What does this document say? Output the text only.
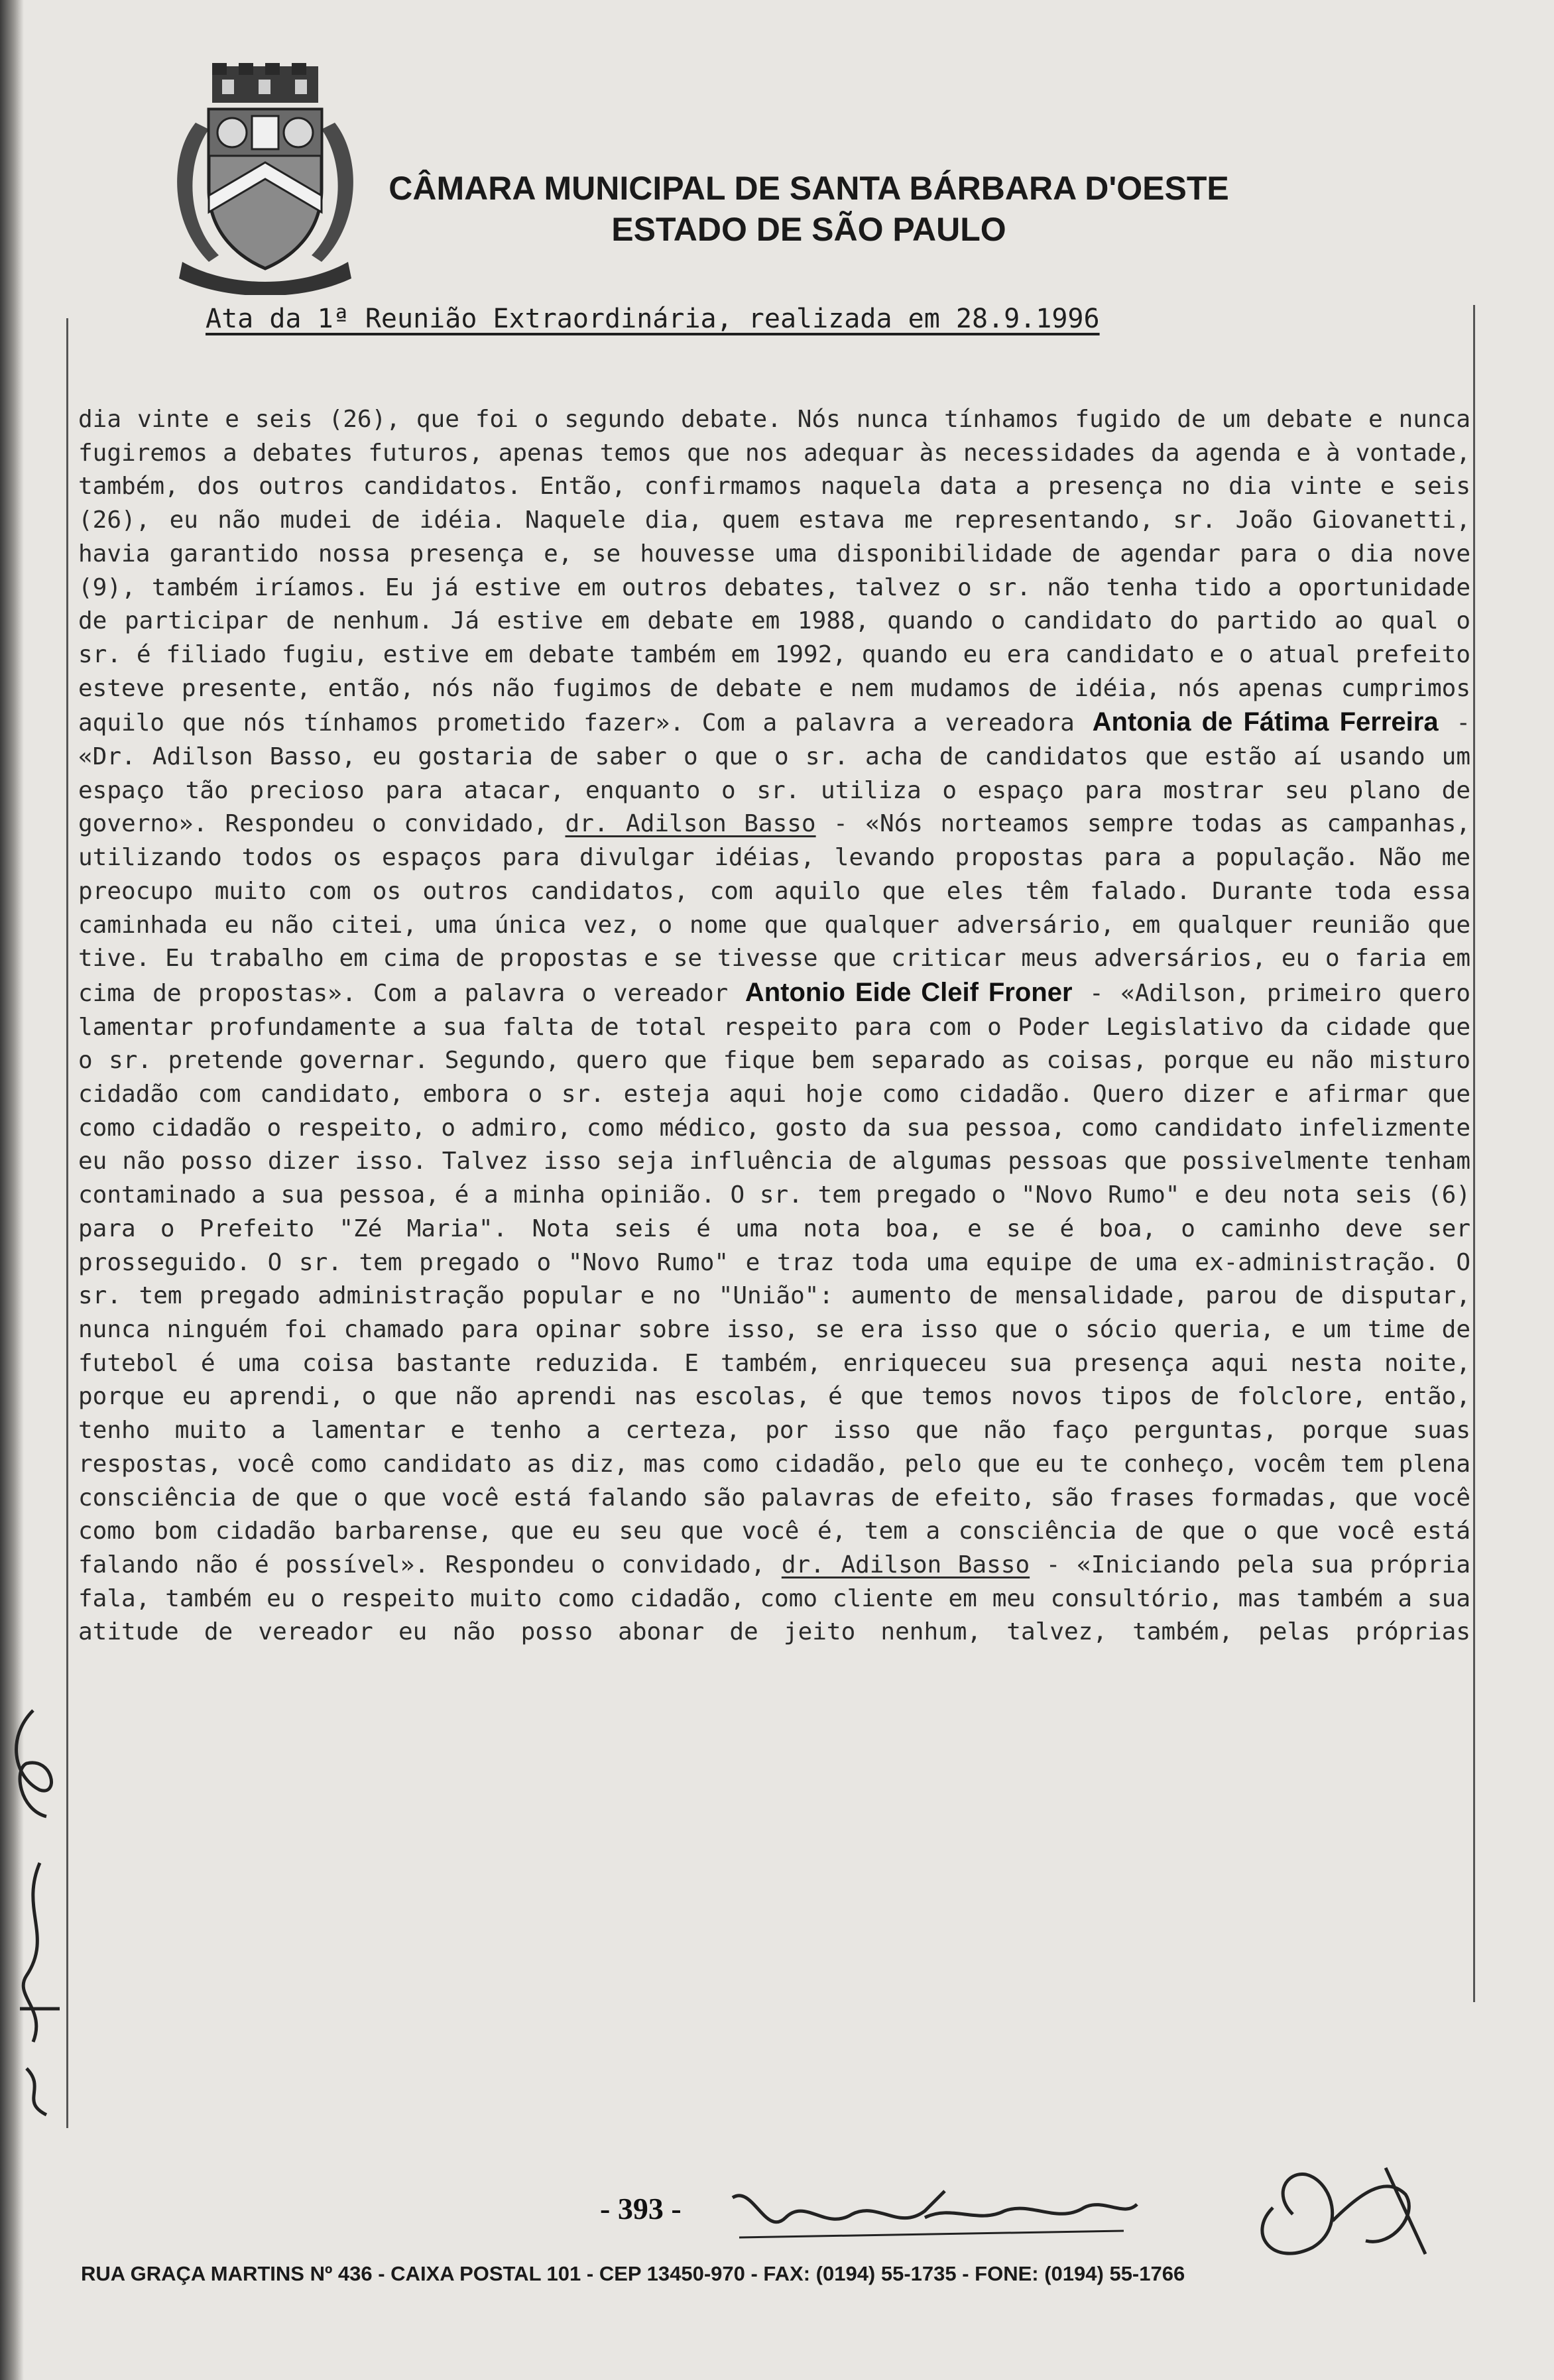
CÂMARA MUNICIPAL DE SANTA BÁRBARA D'OESTE
ESTADO DE SÃO PAULO
Ata da 1ª Reunião Extraordinária, realizada em 28.9.1996

dia vinte e seis (26), que foi o segundo debate. Nós nunca tínhamos fugido de um debate e nunca fugiremos a debates futuros, apenas temos que nos adequar às necessidades da agenda e à vontade, também, dos outros candidatos. Então, confirmamos naquela data a presença no dia vinte e seis (26), eu não mudei de idéia. Naquele dia, quem estava me representando, sr. João Giovanetti, havia garantido nossa presença e, se houvesse uma disponibilidade de agendar para o dia nove (9), também iríamos. Eu já estive em outros debates, talvez o sr. não tenha tido a oportunidade de participar de nenhum. Já estive em debate em 1988, quando o candidato do partido ao qual o sr. é filiado fugiu, estive em debate também em 1992, quando eu era candidato e o atual prefeito esteve presente, então, nós não fugimos de debate e nem mudamos de idéia, nós apenas cumprimos aquilo que nós tínhamos prometido fazer». Com a palavra a vereadora Antonia de Fátima Ferreira - «Dr. Adilson Basso, eu gostaria de saber o que o sr. acha de candidatos que estão aí usando um espaço tão precioso para atacar, enquanto o sr. utiliza o espaço para mostrar seu plano de governo». Respondeu o convidado, dr. Adilson Basso - «Nós norteamos sempre todas as campanhas, utilizando todos os espaços para divulgar idéias, levando propostas para a população. Não me preocupo muito com os outros candidatos, com aquilo que eles têm falado. Durante toda essa caminhada eu não citei, uma única vez, o nome que qualquer adversário, em qualquer reunião que tive. Eu trabalho em cima de propostas e se tivesse que criticar meus adversários, eu o faria em cima de propostas». Com a palavra o vereador Antonio Eide Cleif Froner - «Adilson, primeiro quero lamentar profundamente a sua falta de total respeito para com o Poder Legislativo da cidade que o sr. pretende governar. Segundo, quero que fique bem separado as coisas, porque eu não misturo cidadão com candidato, embora o sr. esteja aqui hoje como cidadão. Quero dizer e afirmar que como cidadão o respeito, o admiro, como médico, gosto da sua pessoa, como candidato infelizmente eu não posso dizer isso. Talvez isso seja influência de algumas pessoas que possivelmente tenham contaminado a sua pessoa, é a minha opinião. O sr. tem pregado o "Novo Rumo" e deu nota seis (6) para o Prefeito "Zé Maria". Nota seis é uma nota boa, e se é boa, o caminho deve ser prosseguido. O sr. tem pregado o "Novo Rumo" e traz toda uma equipe de uma ex-administração. O sr. tem pregado administração popular e no "União": aumento de mensalidade, parou de disputar, nunca ninguém foi chamado para opinar sobre isso, se era isso que o sócio queria, e um time de futebol é uma coisa bastante reduzida. E também, enriqueceu sua presença aqui nesta noite, porque eu aprendi, o que não aprendi nas escolas, é que temos novos tipos de folclore, então, tenho muito a lamentar e tenho a certeza, por isso que não faço perguntas, porque suas respostas, você como candidato as diz, mas como cidadão, pelo que eu te conheço, vocêm tem plena consciência de que o que você está falando são palavras de efeito, são frases formadas, que você como bom cidadão barbarense, que eu seu que você é, tem a consciência de que o que você está falando não é possível». Respondeu o convidado, dr. Adilson Basso - «Iniciando pela sua própria fala, também eu o respeito muito como cidadão, como cliente em meu consultório, mas também a sua atitude de vereador eu não posso abonar de jeito nenhum, talvez, também, pelas próprias

- 393 -
RUA GRAÇA MARTINS Nº 436 - CAIXA POSTAL 101 - CEP 13450-970 - FAX: (0194) 55-1735 - FONE: (0194) 55-1766
